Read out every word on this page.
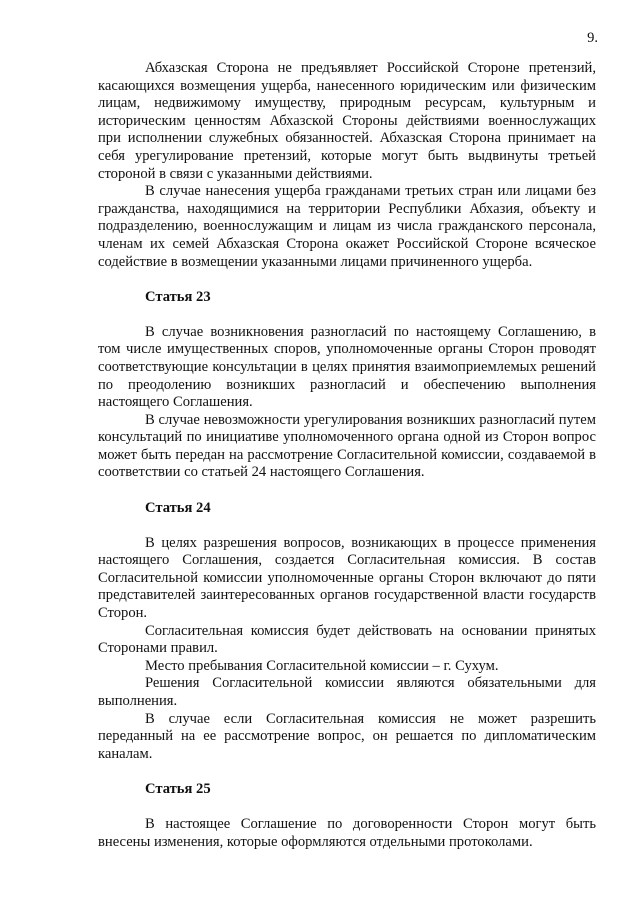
9.

Абхазская Сторона не предъявляет Российской Стороне претензий, касающихся возмещения ущерба, нанесенного юридическим или физическим лицам, недвижимому имуществу, природным ресурсам, культурным и историческим ценностям Абхазской Стороны действиями военнослужащих при исполнении служебных обязанностей. Абхазская Сторона принимает на себя урегулирование претензий, которые могут быть выдвинуты третьей стороной в связи с указанными действиями.

В случае нанесения ущерба гражданами третьих стран или лицами без гражданства, находящимися на территории Республики Абхазия, объекту и подразделению, военнослужащим и лицам из числа гражданского персонала, членам их семей Абхазская Сторона окажет Российской Стороне всяческое содействие в возмещении указанными лицами причиненного ущерба.

Статья 23

В случае возникновения разногласий по настоящему Соглашению, в том числе имущественных споров, уполномоченные органы Сторон проводят соответствующие консультации в целях принятия взаимоприемлемых решений по преодолению возникших разногласий и обеспечению выполнения настоящего Соглашения.

В случае невозможности урегулирования возникших разногласий путем консультаций по инициативе уполномоченного органа одной из Сторон вопрос может быть передан на рассмотрение Согласительной комиссии, создаваемой в соответствии со статьей 24 настоящего Соглашения.

Статья 24

В целях разрешения вопросов, возникающих в процессе применения настоящего Соглашения, создается Согласительная комиссия. В состав Согласительной комиссии уполномоченные органы Сторон включают до пяти представителей заинтересованных органов государственной власти государств Сторон.

Согласительная комиссия будет действовать на основании принятых Сторонами правил.

Место пребывания Согласительной комиссии – г. Сухум.

Решения Согласительной комиссии являются обязательными для выполнения.

В случае если Согласительная комиссия не может разрешить переданный на ее рассмотрение вопрос, он решается по дипломатическим каналам.

Статья 25

В настоящее Соглашение по договоренности Сторон могут быть внесены изменения, которые оформляются отдельными протоколами.
